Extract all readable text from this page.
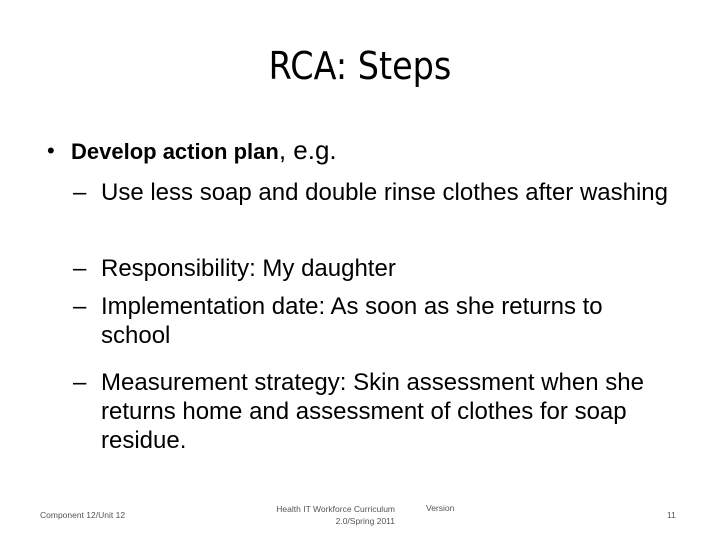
RCA: Steps
• Develop action plan, e.g.
– Use less soap and double rinse clothes after washing
– Responsibility: My daughter
– Implementation date: As soon as she returns to school
– Measurement strategy: Skin assessment when she returns home and assessment of clothes for soap residue.
Component 12/Unit 12
Health IT Workforce Curriculum
2.0/Spring 2011
Version
11
